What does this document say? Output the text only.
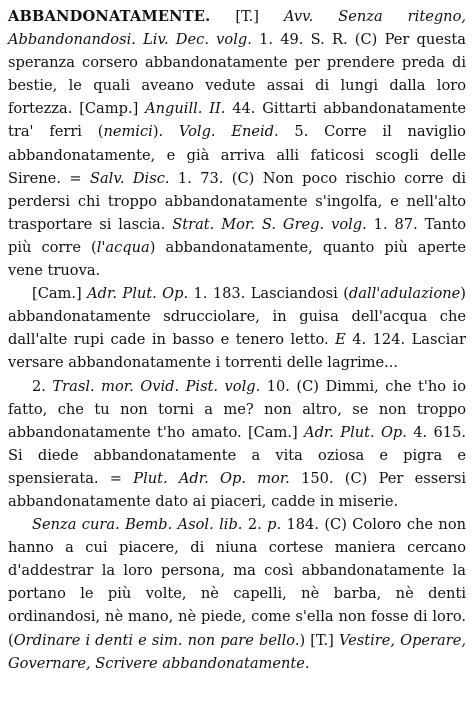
ABBANDONATAMENTE. [T.] Avv. Senza ritegno, Abbandonandosi. Liv. Dec. volg. 1. 49. S. R. (C) Per questa speranza corsero abbandonatamente per prendere preda di bestie, le quali aveano vedute assai di lungi dalla loro fortezza. [Camp.] Anguill. II. 44. Gittarti abbandonatamente tra' ferri (nemici). Volg. Eneid. 5. Corre il naviglio abbandonatamente, e già arriva alli faticosi scogli delle Sirene. = Salv. Disc. 1. 73. (C) Non poco rischio corre di perdersi chi troppo abbandonatamente s'ingolfa, e nell'alto trasportare si lascia. Strat. Mor. S. Greg. volg. 1. 87. Tanto più corre (l'acqua) abbandonatamente, quanto più aperte vene truova.

[Cam.] Adr. Plut. Op. 1. 183. Lasciandosi (dall'adulazione) abbandonatamente sdrucciolare, in guisa dell'acqua che dall'alte rupi cade in basso e tenero letto. E 4. 124. Lasciar versare abbandonatamente i torrenti delle lagrime...

2. Trasl. mor. Ovid. Pist. volg. 10. (C) Dimmi, che t'ho io fatto, che tu non torni a me? non altro, se non troppo abbandonatamente t'ho amato. [Cam.] Adr. Plut. Op. 4. 615. Si diede abbandonatamente a vita oziosa e pigra e spensierata. = Plut. Adr. Op. mor. 150. (C) Per essersi abbandonatamente dato ai piaceri, cadde in miserie.

Senza cura. Bemb. Asol. lib. 2. p. 184. (C) Coloro che non hanno a cui piacere, di niuna cortese maniera cercano d'addestrar la loro persona, ma così abbandonatamente la portano le più volte, nè capelli, nè barba, nè denti ordinandosi, nè mano, nè piede, come s'ella non fosse di loro. (Ordinare i denti e sim. non pare bello.) [T.] Vestire, Operare, Governare, Scrivere abbandonatamente.
